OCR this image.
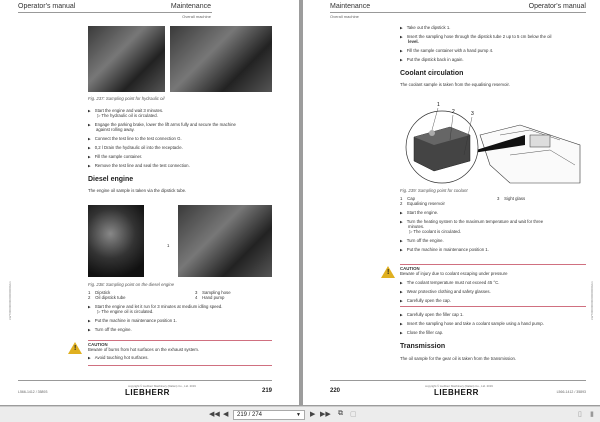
Operator's manual	Maintenance
Overall machine
Fig. 237: Sampling point for hydraulic oil
▶ Start the engine and wait 3 minutes.
▷ The hydraulic oil is circulated.
▶ Engage the parking brake, lower the lift arms fully and secure the machine
against rolling away.
▶ Connect the test line to the test connection G.
▶ 0,2 l Drain the hydraulic oil into the receptacle.
▶ Fill the sample container.
▶ Remove the test line and seal the test connection.
Diesel engine
The engine oil sample is taken via the dipstick tube.
1
Fig. 238: Sampling point on the diesel engine
1 Dipstick
2 Oil dipstick tube
3 Sampling hose
4 Hand pump
▶ Start the engine and let it run for 3 minutes at medium idling speed.
▷ The engine oil is circulated.
▶ Put the machine in maintenance position 1.
▶ Turn off the engine.
!
CAUTION
Beware of burns from hot surfaces on the exhaust system.
▶ Avoid touching hot surfaces.
LWT/00000000/00000000/en
copyright © Liebherr Machinery (Dalian) Co., Ltd. 2019
LIEBHERR	219
L566-1412 / 35893
Maintenance	Operator's manual
Overall machine
▶ Take out the dipstick 1.
▶ Insert the sampling hose through the dipstick tube 2 up to 5 cm below the oil
level.
▶ Fill the sample container with a hand pump 4.
▶ Put the dipstick back in again.
Coolant circulation
The coolant sample is taken from the equalising reservoir.
1
2	3
Fig. 239: Sampling point for coolant
1 Cap
2 Equalising reservoir
3 Sight glass
▶ Start the engine.
▶ Turn the heating system to the maximum temperature and wait for three
minutes.
▷ The coolant is circulated.
▶ Turn off the engine.
▶ Put the machine in maintenance position 1.
!
CAUTION
Beware of injury due to coolant escaping under pressure
▶ The coolant temperature must not exceed 45 °C.
▶ Wear protective clothing and safety glasses.
▶ Carefully open the cap.
▶ Carefully open the filler cap 1.
▶ Insert the sampling hose and take a coolant sample using a hand pump.
▶ Close the filler cap.
Transmission
The oil sample for the gear oil is taken from the transmission.
LWT/00000000/00000000/en
copyright © Liebherr Machinery (Dalian) Co., Ltd. 2019
LIEBHERR
220	L566-1412 / 35893
◀◀ ◀	219 / 274	▼ ▶ ▶▶ ⧉ ▢	▯ ▮
